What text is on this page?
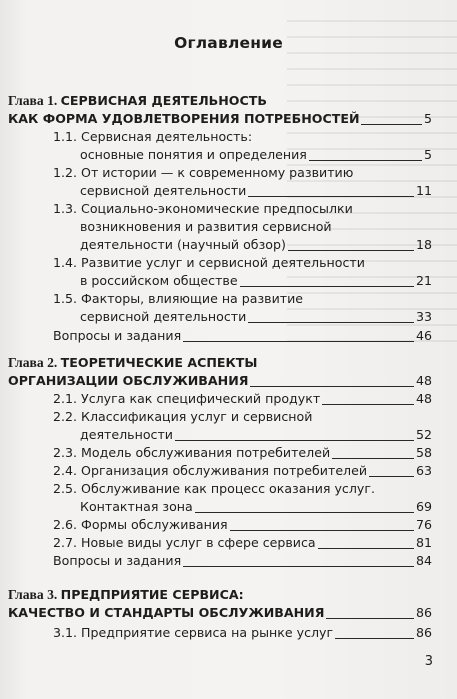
Оглавление
Глава 1. СЕРВИСНАЯ ДЕЯТЕЛЬНОСТЬ
КАК ФОРМА УДОВЛЕТВОРЕНИЯ ПОТРЕБНОСТЕЙ	5
1.1. Сервисная деятельность:
основные понятия и определения	5
1.2. От истории — к современному развитию
сервисной деятельности	11
1.3. Социально-экономические предпосылки
возникновения и развития сервисной
деятельности (научный обзор)	18
1.4. Развитие услуг и сервисной деятельности
в российском обществе	21
1.5. Факторы, влияющие на развитие
сервисной деятельности	33
Вопросы и задания	46
Глава 2. ТЕОРЕТИЧЕСКИЕ АСПЕКТЫ
ОРГАНИЗАЦИИ ОБСЛУЖИВАНИЯ	48
2.1. Услуга как специфический продукт	48
2.2. Классификация услуг и сервисной
деятельности	52
2.3. Модель обслуживания потребителей	58
2.4. Организация обслуживания потребителей	63
2.5. Обслуживание как процесс оказания услуг.
Контактная зона	69
2.6. Формы обслуживания	76
2.7. Новые виды услуг в сфере сервиса	81
Вопросы и задания	84
Глава 3. ПРЕДПРИЯТИЕ СЕРВИСА:
КАЧЕСТВО И СТАНДАРТЫ ОБСЛУЖИВАНИЯ	86
3.1. Предприятие сервиса на рынке услуг	86
3
